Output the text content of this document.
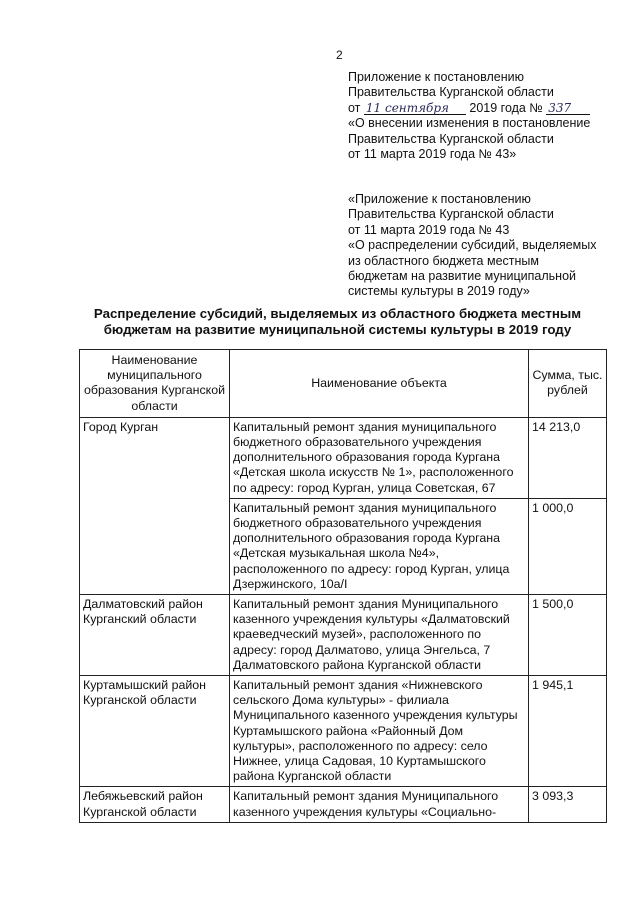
2
Приложение к постановлению
Правительства Курганской области
от 11 сентября 2019 года № 337
«О внесении изменения в постановление
Правительства Курганской области
от 11 марта 2019 года № 43»
«Приложение к постановлению
Правительства Курганской области
от 11 марта 2019 года № 43
«О распределении субсидий, выделяемых
из областного бюджета местным
бюджетам на развитие муниципальной
системы культуры в 2019 году»
Распределение субсидий, выделяемых из областного бюджета местным
бюджетам на развитие муниципальной системы культуры в 2019 году
Наименование муниципального образования Курганской области	Наименование объекта	Сумма, тыс. рублей
Город Курган	Капитальный ремонт здания муниципального бюджетного образовательного учреждения дополнительного образования города Кургана «Детская школа искусств № 1», расположенного по адресу: город Курган, улица Советская, 67	14 213,0
	Капитальный ремонт здания муниципального бюджетного образовательного учреждения дополнительного образования города Кургана «Детская музыкальная школа №4», расположенного по адресу: город Курган, улица Дзержинского, 10а/I	1 000,0
Далматовский район Курганский области	Капитальный ремонт здания Муниципального казенного учреждения культуры «Далматовский краеведческий музей», расположенного по адресу: город Далматово, улица Энгельса, 7 Далматовского района Курганской области	1 500,0
Куртамышский район Курганской области	Капитальный ремонт здания «Нижневского сельского Дома культуры» - филиала Муниципального казенного учреждения культуры Куртамышского района «Районный Дом культуры», расположенного по адресу: село Нижнее, улица Садовая, 10 Куртамышского района Курганской области	1 945,1
Лебяжьевский район Курганской области	Капитальный ремонт здания Муниципального казенного учреждения культуры «Социально-	3 093,3
